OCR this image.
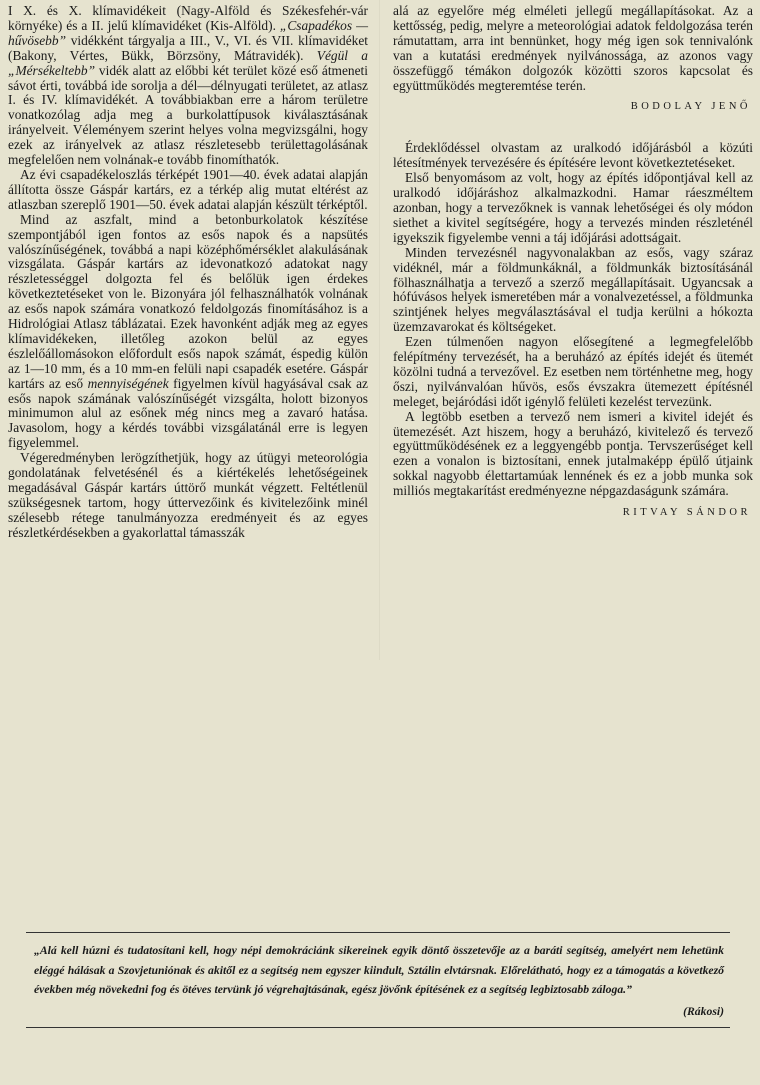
I X. és X. klímavidékeit (Nagy-Alföld és Székesfehér-vár környéke) és a II. jelű klímavidéket (Kis-Alföld). „Csapadékos — hűvösebb” vidékként tárgyalja a III., V., VI. és VII. klímavidéket (Bakony, Vértes, Bükk, Börzsöny, Mátravidék). Végül a „Mérsékeltebb” vidék alatt az előbbi két terület közé eső átmeneti sávot érti, továbbá ide sorolja a dél—délnyugati területet, az atlasz I. és IV. klímavidékét. A továbbiakban erre a három területre vonatkozólag adja meg a burkolattípusok kiválasztásának irányelveit. Véleményem szerint helyes volna megvizsgálni, hogy ezek az irányelvek az atlasz részletesebb területtagolásának megfelelően nem volnának-e tovább finomíthatók.

Az évi csapadékeloszlás térképét 1901—40. évek adatai alapján állította össze Gáspár kartárs, ez a térkép alig mutat eltérést az atlaszban szereplő 1901—50. évek adatai alapján készült térképtől.

Mind az aszfalt, mind a betonburkolatok készítése szempontjából igen fontos az esős napok és a napsütés valószínűségének, továbbá a napi középhőmérséklet alakulásának vizsgálata. Gáspár kartárs az idevonatkozó adatokat nagy részletességgel dolgozta fel és belőlük igen érdekes következtetéseket von le. Bizonyára jól felhasználhatók volnának az esős napok számára vonatkozó feldolgozás finomításához is a Hidrológiai Atlasz táblázatai. Ezek havonként adják meg az egyes klímavidékeken, illetőleg azokon belül az egyes észlelőállomásokon előfordult esős napok számát, éspedig külön az 1—10 mm, és a 10 mm-en felüli napi csapadék esetére. Gáspár kartárs az eső mennyiségének figyelmen kívül hagyásával csak az esős napok számának valószínűségét vizsgálta, holott bizonyos minimumon alul az esőnek még nincs meg a zavaró hatása. Javasolom, hogy a kérdés további vizsgálatánál erre is legyen figyelemmel.

Végeredményben lerögzíthetjük, hogy az útügyi meteorológia gondolatának felvetésénél és a kiértékelés lehetőségeinek megadásával Gáspár kartárs úttörő munkát végzett. Feltétlenül szükségesnek tartom, hogy úttervezőink és kivitelezőink minél szélesebb rétege tanulmányozza eredményeit és az egyes részletkérdésekben a gyakorlattal támasszák

alá az egyelőre még elméleti jellegű megállapításokat. Az a kettősség, pedig, melyre a meteorológiai adatok feldolgozása terén rámutattam, arra int bennünket, hogy még igen sok tennivalónk van a kutatási eredmények nyilvánossága, az azonos vagy összefüggő témákon dolgozók közötti szoros kapcsolat és együttműködés megteremtése terén.

BODOLAY JENŐ

Érdeklődéssel olvastam az uralkodó időjárásból a közúti létesítmények tervezésére és építésére levont következtetéseket.

Első benyomásom az volt, hogy az építés időpontjával kell az uralkodó időjáráshoz alkalmazkodni. Hamar ráeszméltem azonban, hogy a tervezőknek is vannak lehetőségei és oly módon siethet a kivitel segítségére, hogy a tervezés minden részleténél igyekszik figyelembe venni a táj időjárási adottságait.

Minden tervezésnél nagyvonalakban az esős, vagy száraz vidéknél, már a földmunkáknál, a földmunkák biztosításánál fölhasználhatja a tervező a szerző megállapításait. Ugyancsak a hófúvásos helyek ismeretében már a vonalvezetéssel, a földmunka szintjének helyes megválasztásával el tudja kerülni a hókozta üzemzavarokat és költségeket.

Ezen túlmenően nagyon elősegítené a legmegfelelőbb felépítmény tervezését, ha a beruházó az építés idejét és ütemét közölni tudná a tervezővel. Ez esetben nem történhetne meg, hogy őszi, nyilvánvalóan hűvös, esős évszakra ütemezett építésnél meleget, bejáródási időt igénylő felületi kezelést tervezünk.

A legtöbb esetben a tervező nem ismeri a kivitel idejét és ütemezését. Azt hiszem, hogy a beruházó, kivitelező és tervező együttműködésének ez a leggyengébb pontja. Tervszerűséget kell ezen a vonalon is biztosítani, ennek jutalmaképp épülő útjaink sokkal nagyobb élettartamúak lennének és ez a jobb munka sok milliós megtakarítást eredményezne népgazdaságunk számára.

RITVAY SÁNDOR
„Alá kell húzni és tudatosítani kell, hogy népi demokráciánk sikereinek egyik döntő összetevője az a baráti segítség, amelyért nem lehetünk eléggé hálásak a Szovjetuniónak és akitől ez a segítség nem egyszer kiindult, Sztálin elvtársnak. Előrelátható, hogy ez a támogatás a következő években még növekedni fog és ötéves tervünk jó végrehajtásának, egész jövőnk építésének ez a segítség legbiztosabb záloga.”
(Rákosi)
